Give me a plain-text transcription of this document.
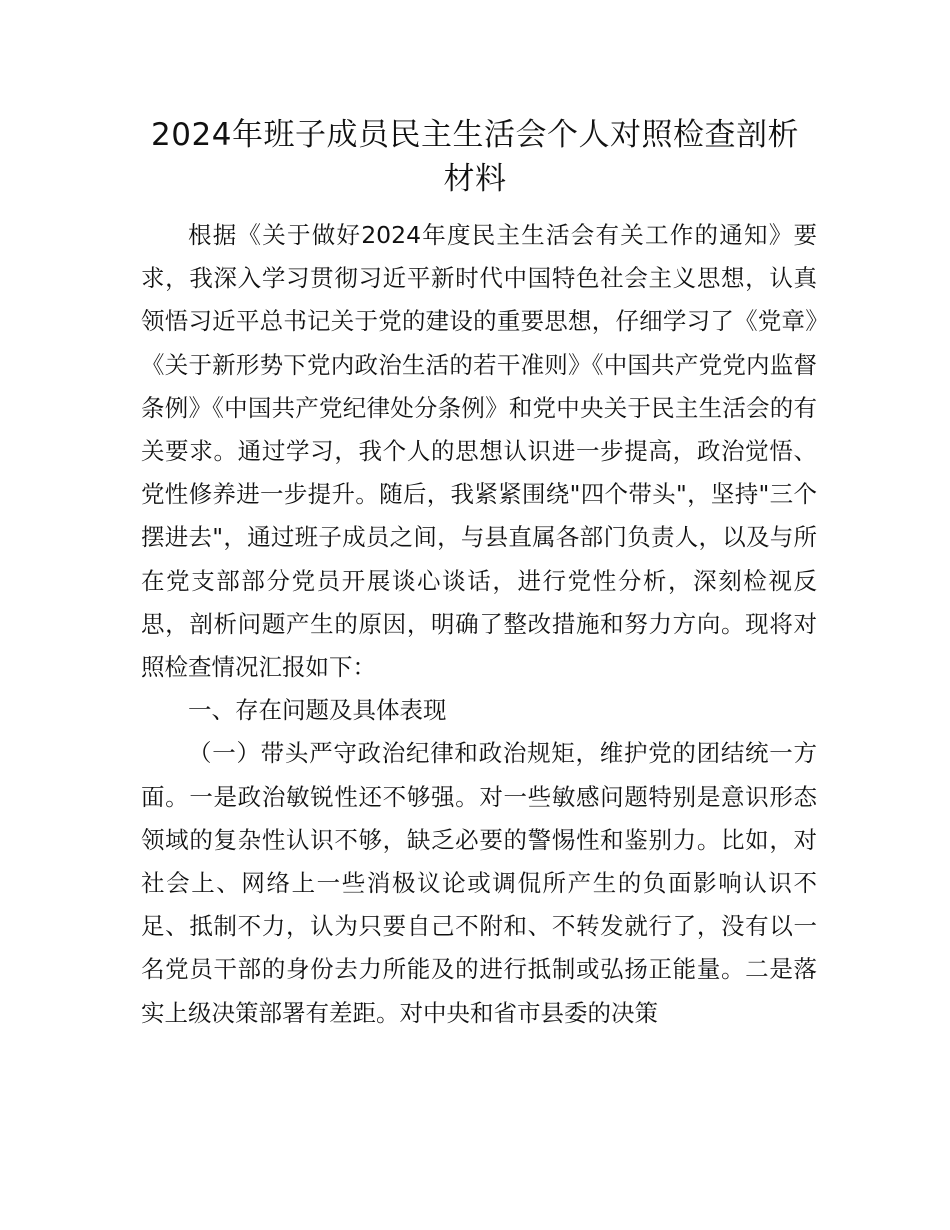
2024年班子成员民主生活会个人对照检查剖析材料

根据《关于做好2024年度民主生活会有关工作的通知》要求，我深入学习贯彻习近平新时代中国特色社会主义思想，认真领悟习近平总书记关于党的建设的重要思想，仔细学习了《党章》《关于新形势下党内政治生活的若干准则》《中国共产党党内监督条例》《中国共产党纪律处分条例》和党中央关于民主生活会的有关要求。通过学习，我个人的思想认识进一步提高，政治觉悟、党性修养进一步提升。随后，我紧紧围绕"四个带头"，坚持"三个摆进去"，通过班子成员之间，与县直属各部门负责人，以及与所在党支部部分党员开展谈心谈话，进行党性分析，深刻检视反思，剖析问题产生的原因，明确了整改措施和努力方向。现将对照检查情况汇报如下：

一、存在问题及具体表现

（一）带头严守政治纪律和政治规矩，维护党的团结统一方面。一是政治敏锐性还不够强。对一些敏感问题特别是意识形态领域的复杂性认识不够，缺乏必要的警惕性和鉴别力。比如，对社会上、网络上一些消极议论或调侃所产生的负面影响认识不足、抵制不力，认为只要自己不附和、不转发就行了，没有以一名党员干部的身份去力所能及的进行抵制或弘扬正能量。二是落实上级决策部署有差距。对中央和省市县委的决策
